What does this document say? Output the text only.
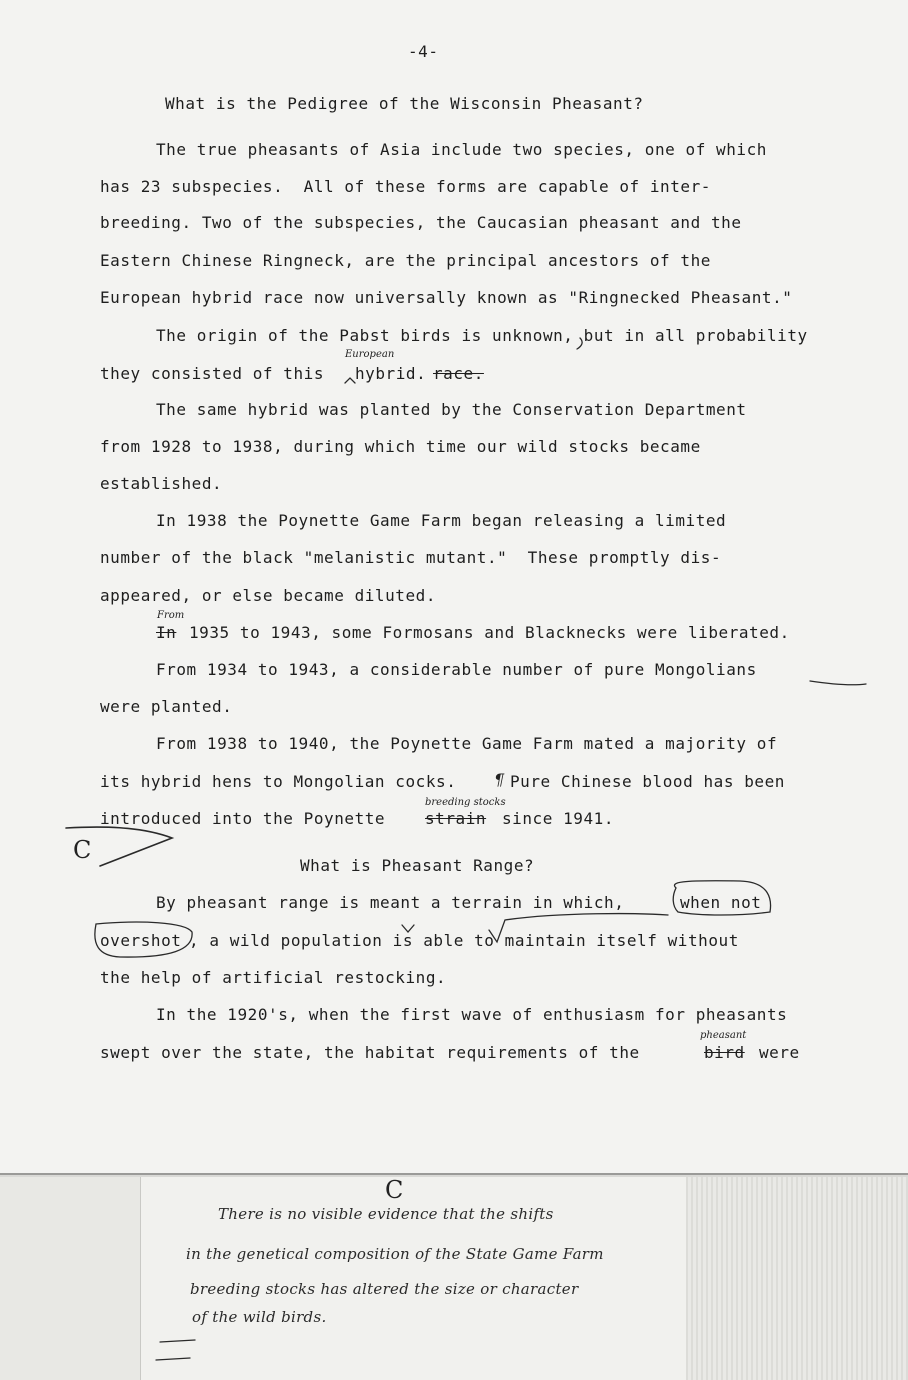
-4-
What is the Pedigree of the Wisconsin Pheasant?
The true pheasants of Asia include two species, one of which
has 23 subspecies.  All of these forms are capable of inter-
breeding. Two of the subspecies, the Caucasian pheasant and the
Eastern Chinese Ringneck, are the principal ancestors of the
European hybrid race now universally known as "Ringnecked Pheasant."
The origin of the Pabst birds is unknown, but in all probability
they consisted of this hybrid. race.
European
The same hybrid was planted by the Conservation Department
from 1928 to 1938, during which time our wild stocks became
established.
In 1938 the Poynette Game Farm began releasing a limited
number of the black "melanistic mutant."  These promptly dis-
appeared, or else became diluted.
In
From
1935 to 1943, some Formosans and Blacknecks were liberated.
From 1934 to 1943, a considerable number of pure Mongolians
were planted.
From 1938 to 1940, the Poynette Game Farm mated a majority of
its hybrid hens to Mongolian cocks. ¶ Pure Chinese blood has been
introduced into the Poynette strain
breeding stocks
since 1941.
C
What is Pheasant Range?
By pheasant range is meant a terrain in which,	when not
overshot , a wild population is able to maintain itself without
the help of artificial restocking.
In the 1920's, when the first wave of enthusiasm for pheasants
swept over the state, the habitat requirements of the	bird
pheasant
were
C
There is no visible evidence that the shifts
in the genetical composition of the State Game Farm
breeding stocks has altered the size or character
of the wild birds.
